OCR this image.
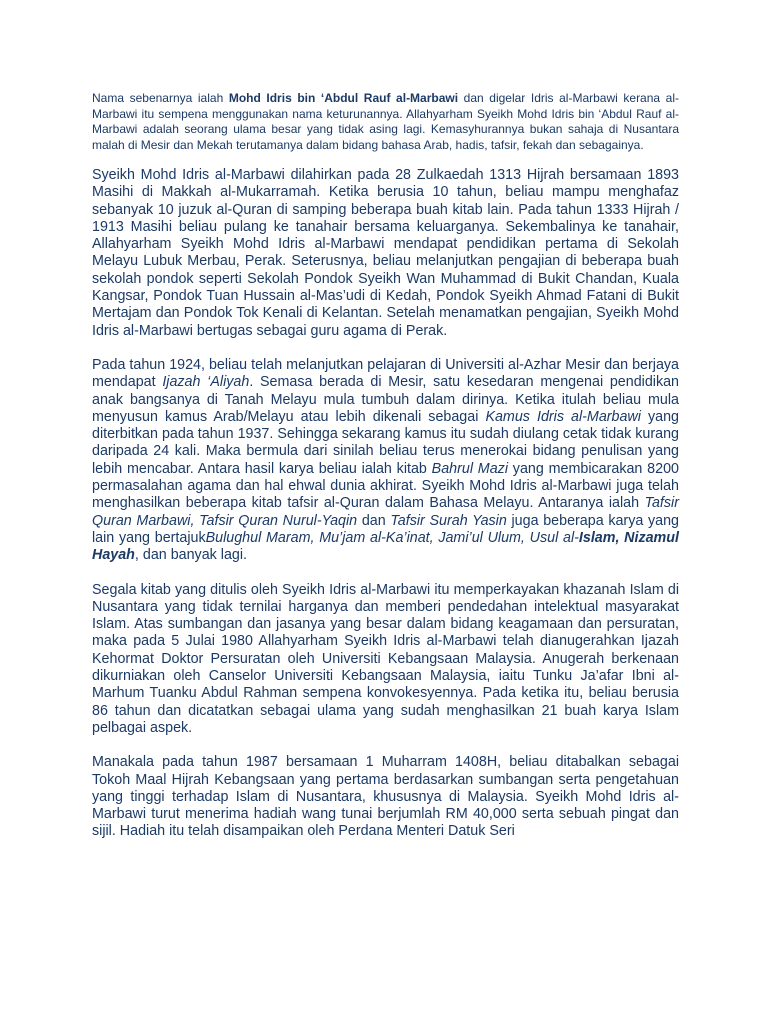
Nama sebenarnya ialah Mohd Idris bin ‘Abdul Rauf al-Marbawi dan digelar Idris al-Marbawi kerana al-Marbawi itu sempena menggunakan nama keturunannya. Allahyarham Syeikh Mohd Idris bin ‘Abdul Rauf al-Marbawi adalah seorang ulama besar yang tidak asing lagi. Kemasyhurannya bukan sahaja di Nusantara malah di Mesir dan Mekah terutamanya dalam bidang bahasa Arab, hadis, tafsir, fekah dan sebagainya.

Syeikh Mohd Idris al-Marbawi dilahirkan pada 28 Zulkaedah 1313 Hijrah bersamaan 1893 Masihi di Makkah al-Mukarramah. Ketika berusia 10 tahun, beliau mampu menghafaz sebanyak 10 juzuk al-Quran di samping beberapa buah kitab lain. Pada tahun 1333 Hijrah / 1913 Masihi beliau pulang ke tanahair bersama keluarganya. Sekembalinya ke tanahair, Allahyarham Syeikh Mohd Idris al-Marbawi mendapat pendidikan pertama di Sekolah Melayu Lubuk Merbau, Perak. Seterusnya, beliau melanjutkan pengajian di beberapa buah sekolah pondok seperti Sekolah Pondok Syeikh Wan Muhammad di Bukit Chandan, Kuala Kangsar, Pondok Tuan Hussain al-Mas’udi di Kedah, Pondok Syeikh Ahmad Fatani di Bukit Mertajam dan Pondok Tok Kenali di Kelantan. Setelah menamatkan pengajian, Syeikh Mohd Idris al-Marbawi bertugas sebagai guru agama di Perak.

Pada tahun 1924, beliau telah melanjutkan pelajaran di Universiti al-Azhar Mesir dan berjaya mendapat Ijazah ‘Aliyah. Semasa berada di Mesir, satu kesedaran mengenai pendidikan anak bangsanya di Tanah Melayu mula tumbuh dalam dirinya. Ketika itulah beliau mula menyusun kamus Arab/Melayu atau lebih dikenali sebagai Kamus Idris al-Marbawi yang diterbitkan pada tahun 1937. Sehingga sekarang kamus itu sudah diulang cetak tidak kurang daripada 24 kali. Maka bermula dari sinilah beliau terus menerokai bidang penulisan yang lebih mencabar. Antara hasil karya beliau ialah kitab Bahrul Mazi yang membicarakan 8200 permasalahan agama dan hal ehwal dunia akhirat. Syeikh Mohd Idris al-Marbawi juga telah menghasilkan beberapa kitab tafsir al-Quran dalam Bahasa Melayu. Antaranya ialah Tafsir Quran Marbawi, Tafsir Quran Nurul-Yaqin dan Tafsir Surah Yasin juga beberapa karya yang lain yang bertajukBulughul Maram, Mu’jam al-Ka’inat, Jami’ul Ulum, Usul al-Islam, Nizamul Hayah, dan banyak lagi.

Segala kitab yang ditulis oleh Syeikh Idris al-Marbawi itu memperkayakan khazanah Islam di Nusantara yang tidak ternilai harganya dan memberi pendedahan intelektual masyarakat Islam. Atas sumbangan dan jasanya yang besar dalam bidang keagamaan dan persuratan, maka pada 5 Julai 1980 Allahyarham Syeikh Idris al-Marbawi telah dianugerahkan Ijazah Kehormat Doktor Persuratan oleh Universiti Kebangsaan Malaysia. Anugerah berkenaan dikurniakan oleh Canselor Universiti Kebangsaan Malaysia, iaitu Tunku Ja’afar Ibni al-Marhum Tuanku Abdul Rahman sempena konvokesyennya. Pada ketika itu, beliau berusia 86 tahun dan dicatatkan sebagai ulama yang sudah menghasilkan 21 buah karya Islam pelbagai aspek.

Manakala pada tahun 1987 bersamaan 1 Muharram 1408H, beliau ditabalkan sebagai Tokoh Maal Hijrah Kebangsaan yang pertama berdasarkan sumbangan serta pengetahuan yang tinggi terhadap Islam di Nusantara, khususnya di Malaysia. Syeikh Mohd Idris al-Marbawi turut menerima hadiah wang tunai berjumlah RM 40,000 serta sebuah pingat dan sijil. Hadiah itu telah disampaikan oleh Perdana Menteri Datuk Seri
